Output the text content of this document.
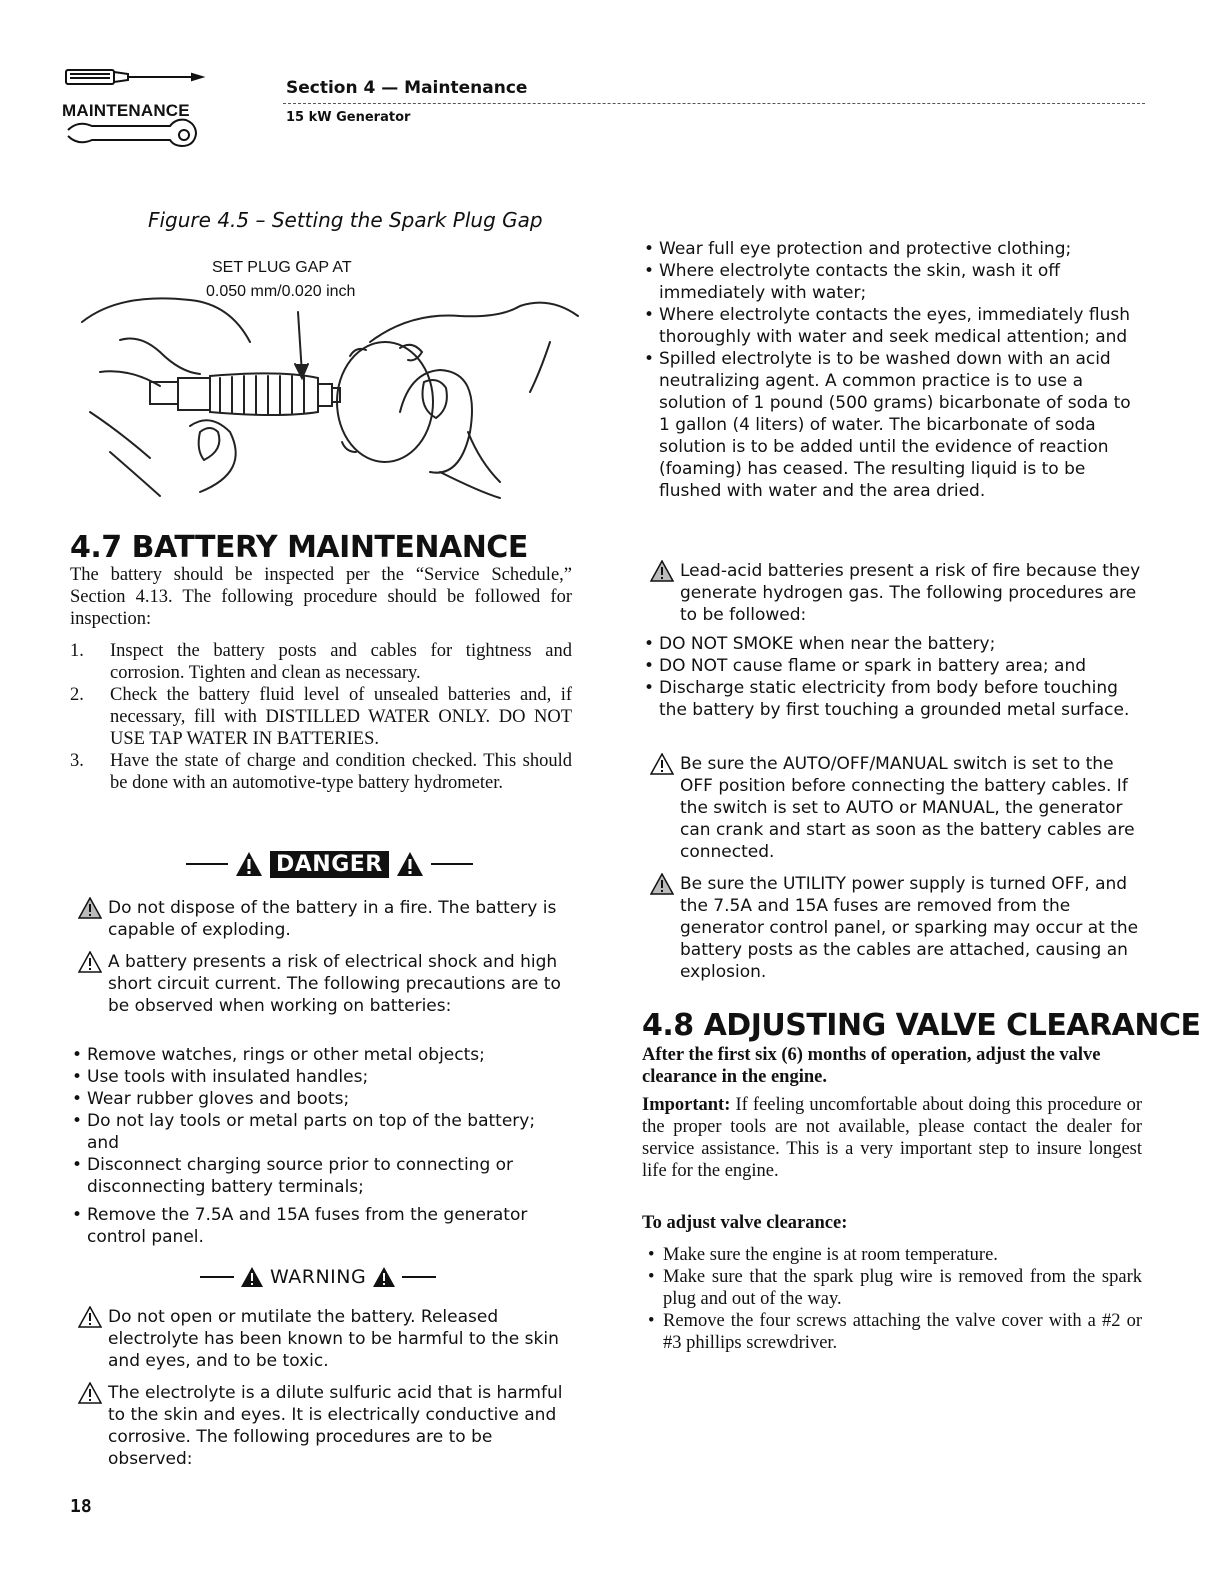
MAINTENANCE
Section 4 — Maintenance
15 kW Generator
Figure 4.5 – Setting the Spark Plug Gap
SET PLUG GAP AT
0.050 mm/0.020 inch
4.7 BATTERY MAINTENANCE
The battery should be inspected per the “Service Schedule,” Section 4.13. The following procedure should be followed for inspection:
1. Inspect the battery posts and cables for tightness and corrosion. Tighten and clean as necessary.
2. Check the battery fluid level of unsealed batteries and, if necessary, fill with DISTILLED WATER ONLY. DO NOT USE TAP WATER IN BATTERIES.
3. Have the state of charge and condition checked. This should be done with an automotive-type battery hydrometer.
DANGER

Do not dispose of the battery in a fire. The battery is capable of exploding.

A battery presents a risk of electrical shock and high short circuit current. The following precautions are to be observed when working on batteries:

• Remove watches, rings or other metal objects;
• Use tools with insulated handles;
• Wear rubber gloves and boots;
• Do not lay tools or metal parts on top of the battery; and
• Disconnect charging source prior to connecting or disconnecting battery terminals;
• Remove the 7.5A and 15A fuses from the generator control panel.
WARNING

Do not open or mutilate the battery. Released electrolyte has been known to be harmful to the skin and eyes, and to be toxic.

The electrolyte is a dilute sulfuric acid that is harmful to the skin and eyes. It is electrically conductive and corrosive. The following procedures are to be observed:

18
• Wear full eye protection and protective clothing;
• Where electrolyte contacts the skin, wash it off immediately with water;
• Where electrolyte contacts the eyes, immediately flush thoroughly with water and seek medical attention; and
• Spilled electrolyte is to be washed down with an acid neutralizing agent. A common practice is to use a solution of 1 pound (500 grams) bicarbonate of soda to 1 gallon (4 liters) of water. The bicarbonate of soda solution is to be added until the evidence of reaction (foaming) has ceased. The resulting liquid is to be flushed with water and the area dried.

Lead-acid batteries present a risk of fire because they generate hydrogen gas. The following procedures are to be followed:

• DO NOT SMOKE when near the battery;
• DO NOT cause flame or spark in battery area; and
• Discharge static electricity from body before touching the battery by first touching a grounded metal surface.

Be sure the AUTO/OFF/MANUAL switch is set to the OFF position before connecting the battery cables. If the switch is set to AUTO or MANUAL, the generator can crank and start as soon as the battery cables are connected.

Be sure the UTILITY power supply is turned OFF, and the 7.5A and 15A fuses are removed from the generator control panel, or sparking may occur at the battery posts as the cables are attached, causing an explosion.

4.8 ADJUSTING VALVE CLEARANCE
After the first six (6) months of operation, adjust the valve clearance in the engine.
Important: If feeling uncomfortable about doing this procedure or the proper tools are not available, please contact the dealer for service assistance. This is a very important step to insure longest life for the engine.
To adjust valve clearance:
• Make sure the engine is at room temperature.
• Make sure that the spark plug wire is removed from the spark plug and out of the way.
• Remove the four screws attaching the valve cover with a #2 or #3 phillips screwdriver.
